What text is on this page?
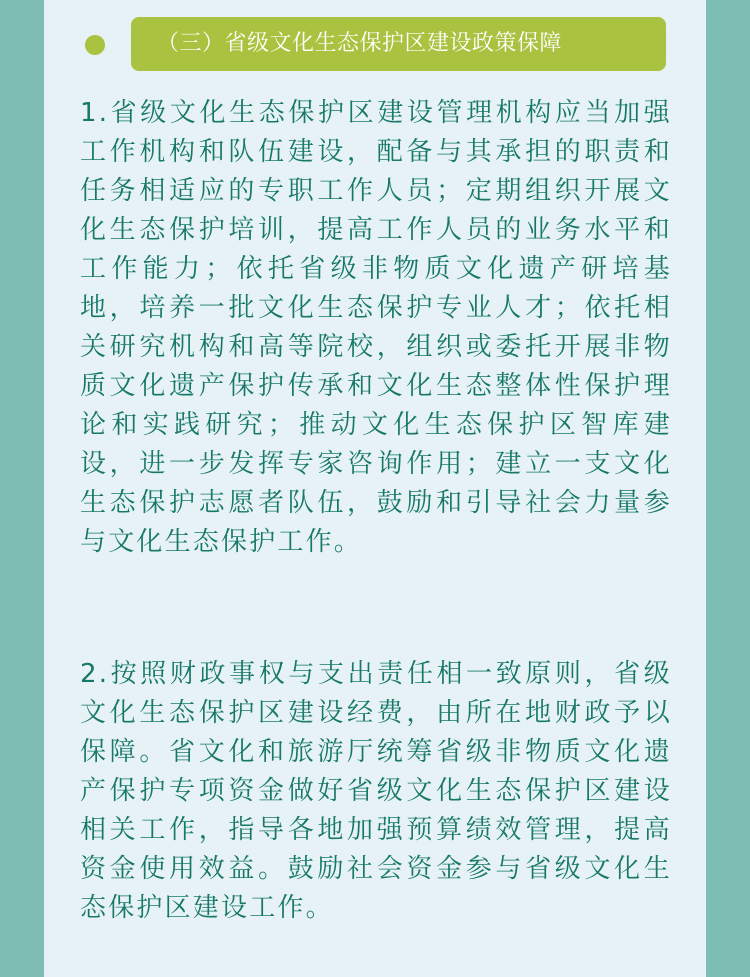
（三）省级文化生态保护区建设政策保障

1.省级文化生态保护区建设管理机构应当加强工作机构和队伍建设，配备与其承担的职责和任务相适应的专职工作人员；定期组织开展文化生态保护培训，提高工作人员的业务水平和工作能力；依托省级非物质文化遗产研培基地，培养一批文化生态保护专业人才；依托相关研究机构和高等院校，组织或委托开展非物质文化遗产保护传承和文化生态整体性保护理论和实践研究；推动文化生态保护区智库建设，进一步发挥专家咨询作用；建立一支文化生态保护志愿者队伍，鼓励和引导社会力量参与文化生态保护工作。

2.按照财政事权与支出责任相一致原则，省级文化生态保护区建设经费，由所在地财政予以保障。省文化和旅游厅统筹省级非物质文化遗产保护专项资金做好省级文化生态保护区建设相关工作，指导各地加强预算绩效管理，提高资金使用效益。鼓励社会资金参与省级文化生态保护区建设工作。
